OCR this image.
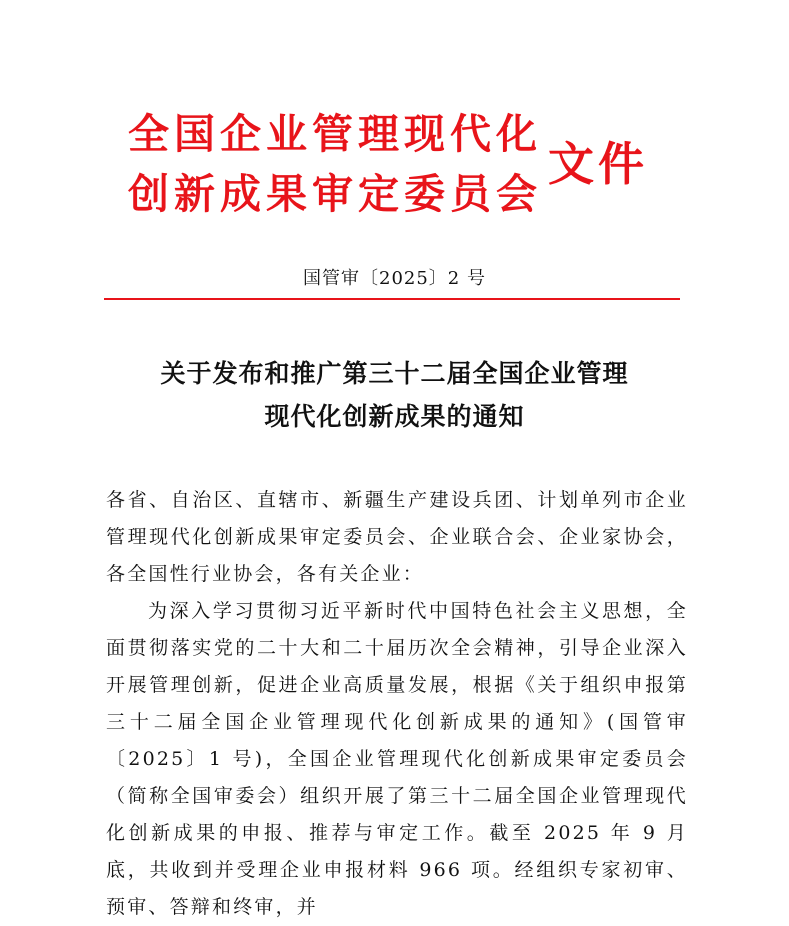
全国企业管理现代化
创新成果审定委员会
文件
国管审〔2025〕2 号
关于发布和推广第三十二届全国企业管理
现代化创新成果的通知

各省、自治区、直辖市、新疆生产建设兵团、计划单列市企业管理现代化创新成果审定委员会、企业联合会、企业家协会，各全国性行业协会，各有关企业：

为深入学习贯彻习近平新时代中国特色社会主义思想，全面贯彻落实党的二十大和二十届历次全会精神，引导企业深入开展管理创新，促进企业高质量发展，根据《关于组织申报第三十二届全国企业管理现代化创新成果的通知》(国管审〔2025〕1 号)，全国企业管理现代化创新成果审定委员会（简称全国审委会）组织开展了第三十二届全国企业管理现代化创新成果的申报、推荐与审定工作。截至 2025 年 9 月底，共收到并受理企业申报材料 966 项。经组织专家初审、预审、答辩和终审，并
